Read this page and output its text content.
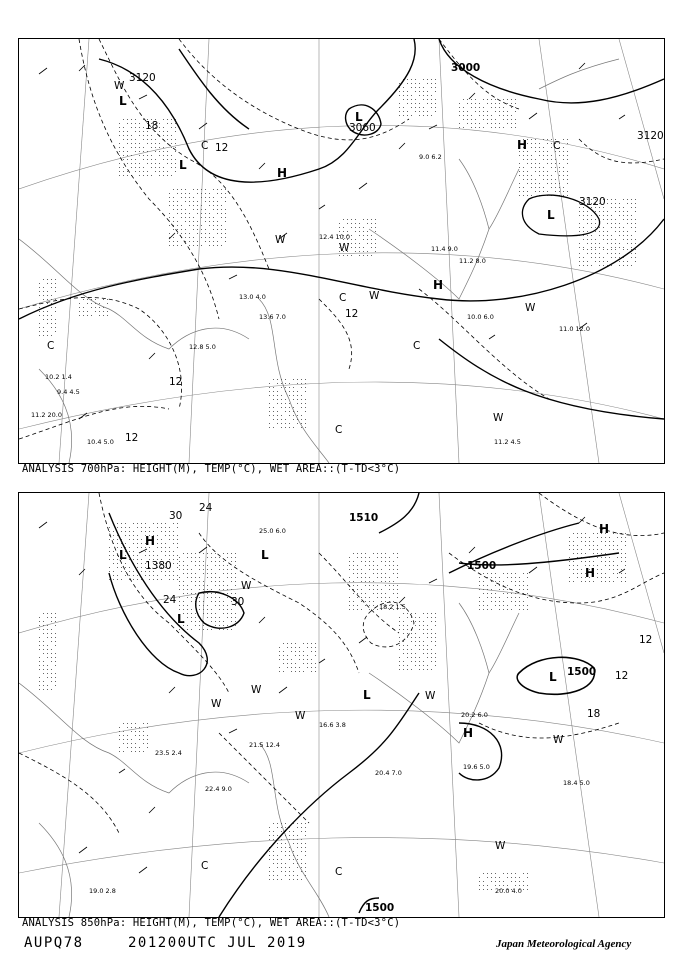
10.0 6.0
11.0 12.0
11.2 4.5
10.2 1.4
9.4 4.5
11.2 20.0
10.4 5.0
11.2 8.0
11.4 9.0
12.8 5.0
13.0 4.0
13.6 7.0
12.4 10.0
9.0 6.2
3120
3060
3000
3120
3120
18
12
12
12
12
L
L
L
H
H
L
H
W
C
W
W
C
C
W
W
C
W
C
C
ANALYSIS 700hPa: HEIGHT(M), TEMP(°C), WET AREA::(T-TD<3°C)
19.0 2.8	20.0 4.0
18.4 5.0
20.4 7.0
22.4 9.0
23.5 2.4
20.2 6.0
19.6 5.0
21.5 12.4
16.6 3.8
18.2 1.5
25.0 6.0
1380	1500
1510
1500
1500
30
24
24	30
18
12
12
H
L
L
L
L
H
H
L
H
W
W
W
C	C
W
W
W
W
ANALYSIS 850hPa: HEIGHT(M), TEMP(°C), WET AREA::(T-TD<3°C)
AUPQ78	201200UTC JUL 2019	Japan Meteorological Agency
